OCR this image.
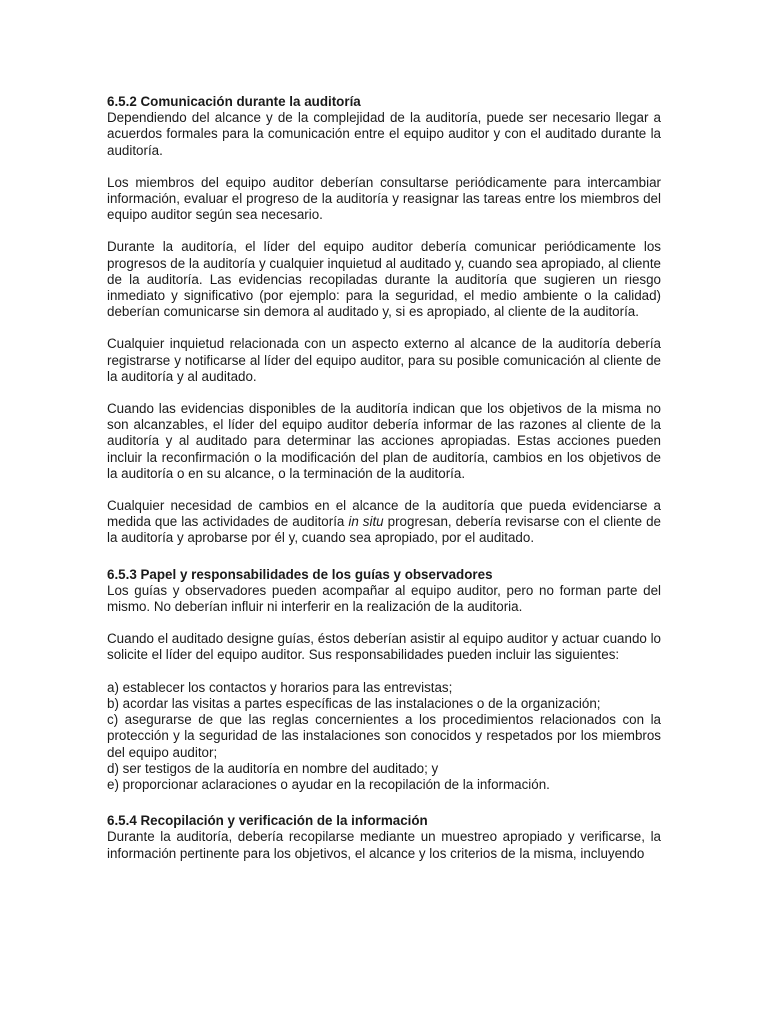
6.5.2 Comunicación durante la auditoría

Dependiendo del alcance y de la complejidad de la auditoría, puede ser necesario llegar a acuerdos formales para la comunicación entre el equipo auditor y con el auditado durante la auditoría.

Los miembros del equipo auditor deberían consultarse periódicamente para intercambiar información, evaluar el progreso de la auditoría y reasignar las tareas entre los miembros del equipo auditor según sea necesario.

Durante la auditoría, el líder del equipo auditor debería comunicar periódicamente los progresos de la auditoría y cualquier inquietud al auditado y, cuando sea apropiado, al cliente de la auditoría. Las evidencias recopiladas durante la auditoría que sugieren un riesgo inmediato y significativo (por ejemplo: para la seguridad, el medio ambiente o la calidad) deberían comunicarse sin demora al auditado y, si es apropiado, al cliente de la auditoría.

Cualquier inquietud relacionada con un aspecto externo al alcance de la auditoría debería registrarse y notificarse al líder del equipo auditor, para su posible comunicación al cliente de la auditoría y al auditado.

Cuando las evidencias disponibles de la auditoría indican que los objetivos de la misma no son alcanzables, el líder del equipo auditor debería informar de las razones al cliente de la auditoría y al auditado para determinar las acciones apropiadas. Estas acciones pueden incluir la reconfirmación o la modificación del plan de auditoría, cambios en los objetivos de la auditoría o en su alcance, o la terminación de la auditoría.

Cualquier necesidad de cambios en el alcance de la auditoría que pueda evidenciarse a medida que las actividades de auditoría in situ progresan, debería revisarse con el cliente de la auditoría y aprobarse por él y, cuando sea apropiado, por el auditado.

6.5.3 Papel y responsabilidades de los guías y observadores

Los guías y observadores pueden acompañar al equipo auditor, pero no forman parte del mismo. No deberían influir ni interferir en la realización de la auditoria.

Cuando el auditado designe guías, éstos deberían asistir al equipo auditor y actuar cuando lo solicite el líder del equipo auditor. Sus responsabilidades pueden incluir las siguientes:

a) establecer los contactos y horarios para las entrevistas;

b) acordar las visitas a partes específicas de las instalaciones o de la organización;

c) asegurarse de que las reglas concernientes a los procedimientos relacionados con la protección y la seguridad de las instalaciones son conocidos y respetados por los miembros del equipo auditor;

d) ser testigos de la auditoría en nombre del auditado; y

e) proporcionar aclaraciones o ayudar en la recopilación de la información.

6.5.4 Recopilación y verificación de la información

Durante la auditoría, debería recopilarse mediante un muestreo apropiado y verificarse, la información pertinente para los objetivos, el alcance y los criterios de la misma, incluyendo
